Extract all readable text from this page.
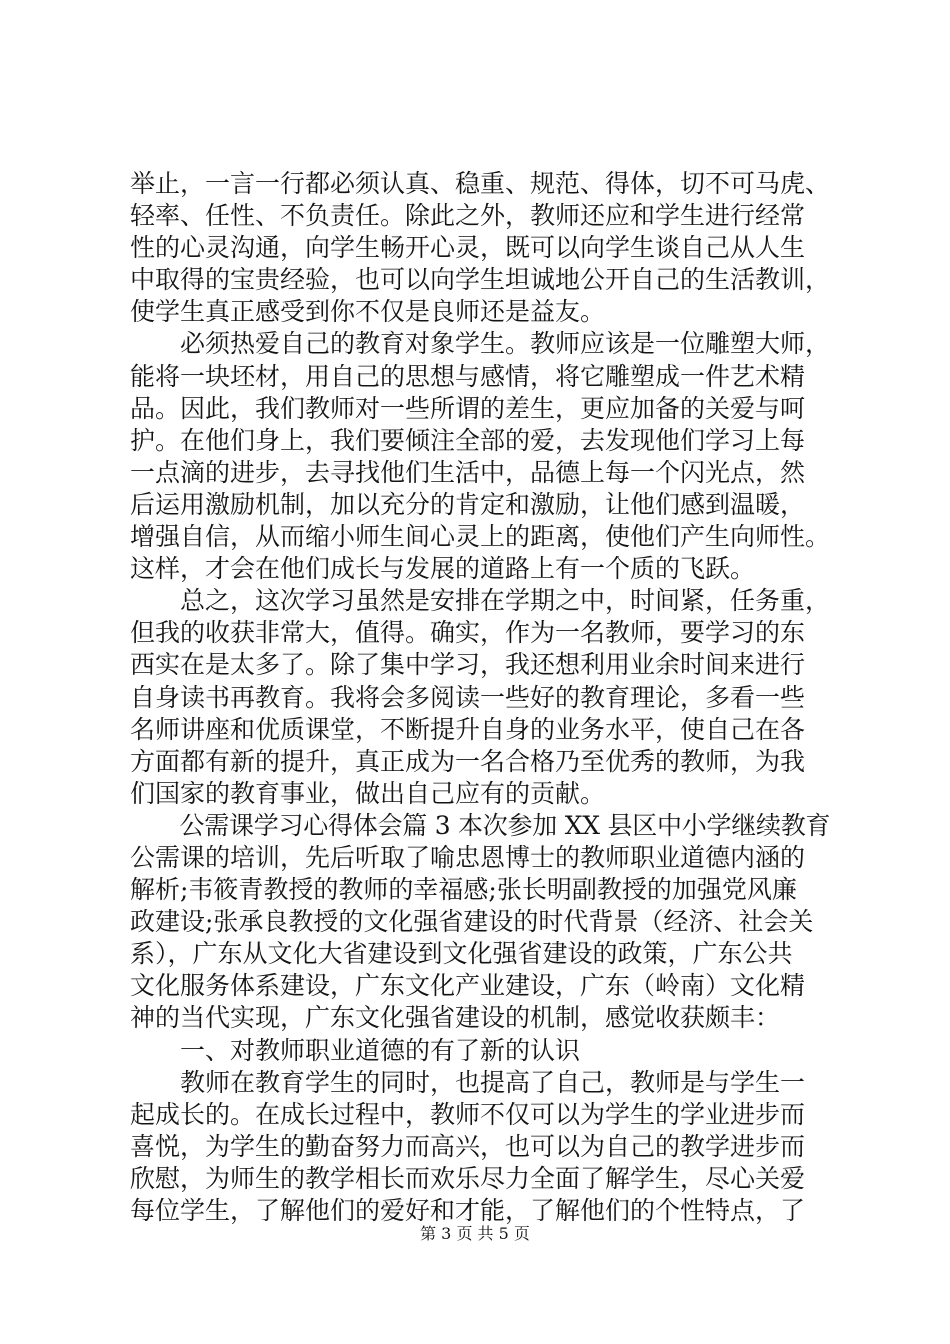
举止，一言一行都必须认真、稳重、规范、得体，切不可马虎、
轻率、任性、不负责任。除此之外，教师还应和学生进行经常
性的心灵沟通，向学生畅开心灵，既可以向学生谈自己从人生
中取得的宝贵经验，也可以向学生坦诚地公开自己的生活教训，
使学生真正感受到你不仅是良师还是益友。
　　必须热爱自己的教育对象学生。教师应该是一位雕塑大师，
能将一块坯材，用自己的思想与感情，将它雕塑成一件艺术精
品。因此，我们教师对一些所谓的差生，更应加备的关爱与呵
护。在他们身上，我们要倾注全部的爱，去发现他们学习上每
一点滴的进步，去寻找他们生活中，品德上每一个闪光点，然
后运用激励机制，加以充分的肯定和激励，让他们感到温暖，
增强自信，从而缩小师生间心灵上的距离，使他们产生向师性。
这样，才会在他们成长与发展的道路上有一个质的飞跃。
　　总之，这次学习虽然是安排在学期之中，时间紧，任务重，
但我的收获非常大，值得。确实，作为一名教师，要学习的东
西实在是太多了。除了集中学习，我还想利用业余时间来进行
自身读书再教育。我将会多阅读一些好的教育理论，多看一些
名师讲座和优质课堂，不断提升自身的业务水平，使自己在各
方面都有新的提升，真正成为一名合格乃至优秀的教师，为我
们国家的教育事业，做出自己应有的贡献。
　　公需课学习心得体会篇 3 本次参加 XX 县区中小学继续教育
公需课的培训，先后听取了喻忠恩博士的教师职业道德内涵的
解析;韦筱青教授的教师的幸福感;张长明副教授的加强党风廉
政建设;张承良教授的文化强省建设的时代背景（经济、社会关
系），广东从文化大省建设到文化强省建设的政策，广东公共
文化服务体系建设，广东文化产业建设，广东（岭南）文化精
神的当代实现，广东文化强省建设的机制，感觉收获颇丰：
　　一、对教师职业道德的有了新的认识
　　教师在教育学生的同时，也提高了自己，教师是与学生一
起成长的。在成长过程中，教师不仅可以为学生的学业进步而
喜悦，为学生的勤奋努力而高兴，也可以为自己的教学进步而
欣慰，为师生的教学相长而欢乐尽力全面了解学生，尽心关爱
每位学生，了解他们的爱好和才能，了解他们的个性特点，了
第 3 页 共 5 页
